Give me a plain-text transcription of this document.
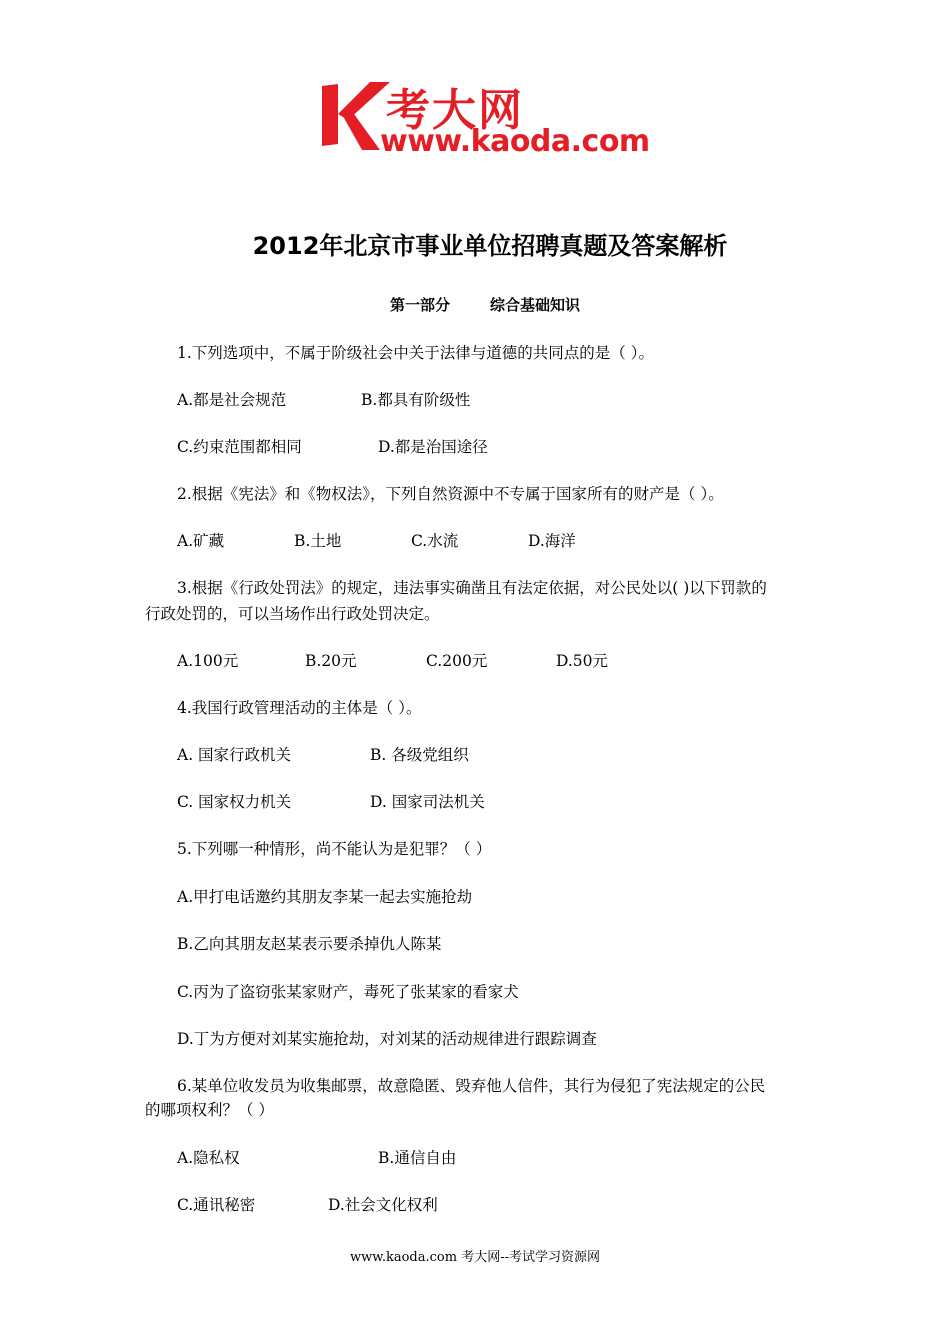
考大网
www.kaoda.com
2012年北京市事业单位招聘真题及答案解析
第一部分	综合基础知识
1.下列选项中，不属于阶级社会中关于法律与道德的共同点的是（ ）。
A.都是社会规范	B.都具有阶级性
C.约束范围都相同	D.都是治国途径
2.根据《宪法》和《物权法》，下列自然资源中不专属于国家所有的财产是（ ）。
A.矿藏	B.土地	C.水流	D.海洋
3.根据《行政处罚法》的规定，违法事实确凿且有法定依据，对公民处以( )以下罚款的
行政处罚的，可以当场作出行政处罚决定。
A.100元	B.20元	C.200元	D.50元
4.我国行政管理活动的主体是（ ）。
A. 国家行政机关	B. 各级党组织
C. 国家权力机关	D. 国家司法机关
5.下列哪一种情形，尚不能认为是犯罪？（ ）
A.甲打电话邀约其朋友李某一起去实施抢劫
B.乙向其朋友赵某表示要杀掉仇人陈某
C.丙为了盗窃张某家财产，毒死了张某家的看家犬
D.丁为方便对刘某实施抢劫，对刘某的活动规律进行跟踪调查
6.某单位收发员为收集邮票，故意隐匿、毁弃他人信件，其行为侵犯了宪法规定的公民
的哪项权利？（ ）
A.隐私权	B.通信自由
C.通讯秘密	D.社会文化权利
www.kaoda.com 考大网--考试学习资源网
